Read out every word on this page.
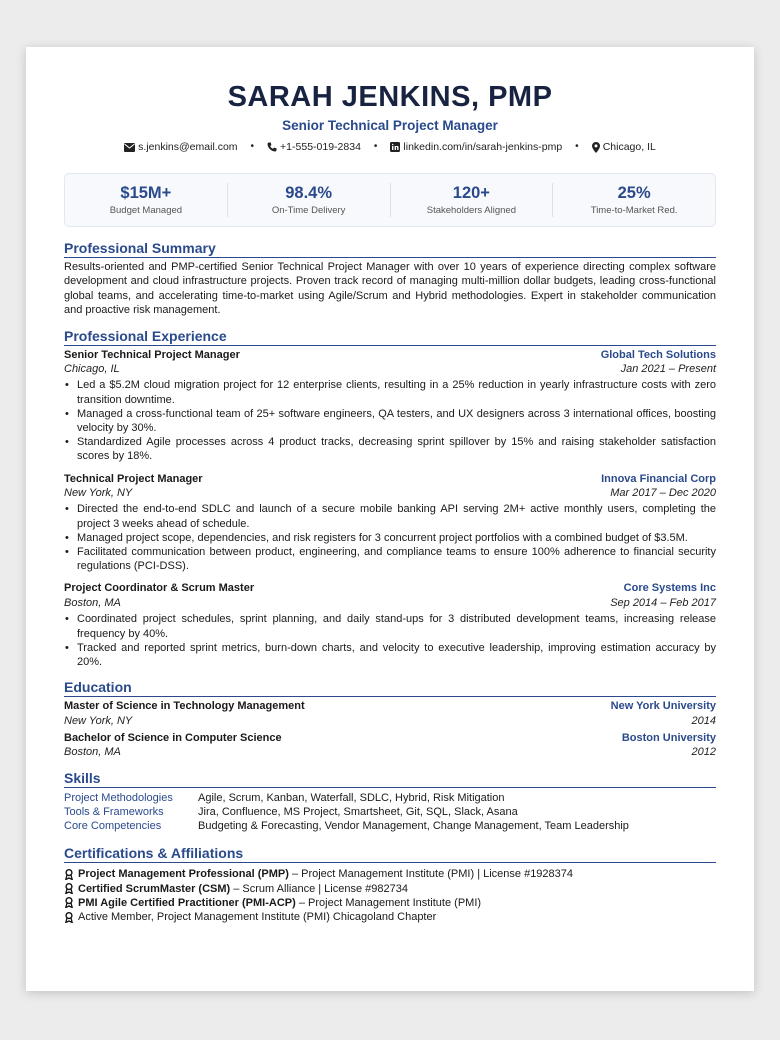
SARAH JENKINS, PMP
Senior Technical Project Manager
s.jenkins@email.com • +1-555-019-2834 • linkedin.com/in/sarah-jenkins-pmp • Chicago, IL
$15M+
Budget Managed
98.4%
On-Time Delivery
120+
Stakeholders Aligned
25%
Time-to-Market Red.
Professional Summary
Results-oriented and PMP-certified Senior Technical Project Manager with over 10 years of experience directing complex software development and cloud infrastructure projects. Proven track record of managing multi-million dollar budgets, leading cross-functional global teams, and accelerating time-to-market using Agile/Scrum and Hybrid methodologies. Expert in stakeholder communication and proactive risk management.
Professional Experience
Senior Technical Project Manager	Global Tech Solutions
Chicago, IL	Jan 2021 – Present
• Led a $5.2M cloud migration project for 12 enterprise clients, resulting in a 25% reduction in yearly infrastructure costs with zero transition downtime.
• Managed a cross-functional team of 25+ software engineers, QA testers, and UX designers across 3 international offices, boosting velocity by 30%.
• Standardized Agile processes across 4 product tracks, decreasing sprint spillover by 15% and raising stakeholder satisfaction scores by 18%.
Technical Project Manager	Innova Financial Corp
New York, NY	Mar 2017 – Dec 2020
• Directed the end-to-end SDLC and launch of a secure mobile banking API serving 2M+ active monthly users, completing the project 3 weeks ahead of schedule.
• Managed project scope, dependencies, and risk registers for 3 concurrent project portfolios with a combined budget of $3.5M.
• Facilitated communication between product, engineering, and compliance teams to ensure 100% adherence to financial security regulations (PCI-DSS).
Project Coordinator & Scrum Master	Core Systems Inc
Boston, MA	Sep 2014 – Feb 2017
• Coordinated project schedules, sprint planning, and daily stand-ups for 3 distributed development teams, increasing release frequency by 40%.
• Tracked and reported sprint metrics, burn-down charts, and velocity to executive leadership, improving estimation accuracy by 20%.
Education
Master of Science in Technology Management	New York University
New York, NY	2014
Bachelor of Science in Computer Science	Boston University
Boston, MA	2012
Skills
Project Methodologies	Agile, Scrum, Kanban, Waterfall, SDLC, Hybrid, Risk Mitigation
Tools & Frameworks	Jira, Confluence, MS Project, Smartsheet, Git, SQL, Slack, Asana
Core Competencies	Budgeting & Forecasting, Vendor Management, Change Management, Team Leadership
Certifications & Affiliations
Project Management Professional (PMP) – Project Management Institute (PMI) | License #1928374
Certified ScrumMaster (CSM) – Scrum Alliance | License #982734
PMI Agile Certified Practitioner (PMI-ACP) – Project Management Institute (PMI)
Active Member, Project Management Institute (PMI) Chicagoland Chapter
